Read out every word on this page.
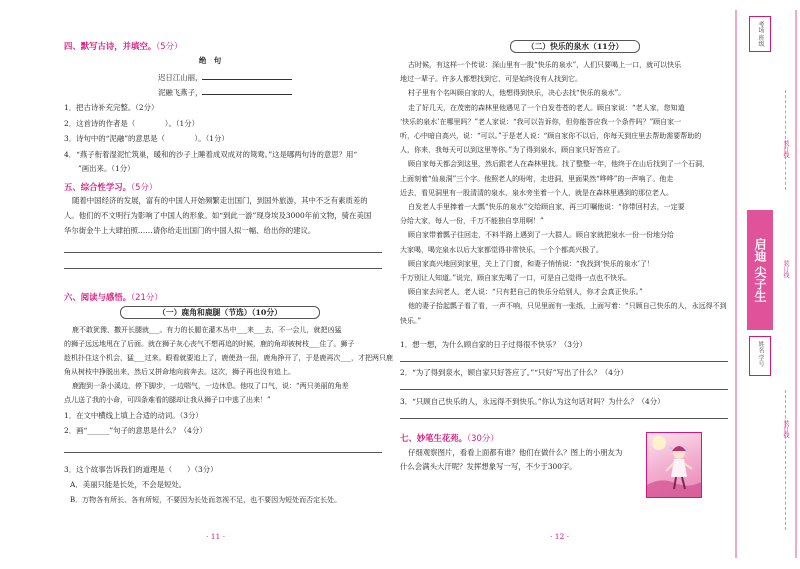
四、默写古诗，并填空。（5分）
绝　句
迟日江山丽，
泥融飞燕子，
1．把古诗补充完整。（2分）
2．这首诗的作者是（　　　　）。（1分）
3．诗句中的“泥融”的意思是（　　　　）。（1分）
4．“燕子衔着湿泥忙筑巢，暖和的沙子上睡着成双成对的鸳鸯。”这是哪两句诗的意思？用“
”画出来。（1分）
五、综合性学习。（5分）
随着中国经济的发展，富有的中国人开始频繁走出国门，到国外旅游，其中不乏有素质差的
人。他们的不文明行为影响了中国人的形象。如“到此一游”现身埃及3000年前文物，骑在美国
华尔街金牛上大肆拍照……请你给走出国门的中国人拟一幅、给出你的建议。
六、阅读与感悟。（21分）
（一）鹿角和鹿腿（节选）（10分）
鹿不敢犹豫，撒开长腿就___。有力的长腿在灌木丛中___来___去，不一会儿，就把凶猛
的狮子远远地甩在了后面。就在狮子灰心丧气不想再追的时候，鹿的角却被树枝___住了。狮子
趁机扑住这个机会，猛___过来。眼看就要追上了，鹿使劲一扭，鹿角挣开了，于是鹿再次___，才把两只鹿
角从树枝中挣脱出来，然后又拼命地向前奔去。这次，狮子再也没有追上。
鹿跑到一条小溪边，停下脚步，一边喘气，一边休息。他叹了口气，说：“两只美丽的角差
点儿送了我的小命，可四条难看的腿却让我从狮子口中逃了出来！”
1．在文中横线上填上合适的动词。（3分）
2．画“______”句子的意思是什么？（4分）
3．这个故事告诉我们的道理是（　　）（3分）
A．美丽只能是长处，不会是短处。
B．万物各有所长、各有所短，不要因为长处而忽视不足，也不要因为短处而否定长处。
· 11 ·
（二）快乐的泉水（11分）
古时候，有这样一个传说：深山里有一股“快乐的泉水”，人们只要喝上一口，就可以快乐
地过一辈子。许多人都想找到它，可是始终没有人找到它。
村子里有个名叫顾自家的人，他想得到快乐，决心去找“快乐的泉水”。
走了好几天，在茂密的森林里他遇见了一个白发苍苍的老人。顾自家说：“老人家，您知道
‘快乐的泉水’在哪里吗？”老人家说：“我可以告诉你，但你能答应我一个条件吗？”顾自家一
听，心中暗自高兴，说：“可以。”于是老人说：“顾自家你不以后，你每天到庄里去帮助需要帮助的
人，你来，我每天可以到这里等你。”为了得到泉水，顾自家只好答应了。
顾自家每天都会到这里，然后跟老人在森林里找。找了整整一年，他终于在山后找到了一个石洞，
上面刻着“仙泉洞”三个字。他照老人的吩咐，走进洞，里面果然“哗哗”的一声响了。他走
近去，看见洞里有一股清清的泉水，泉水旁坐着一个人，就是在森林里遇到的那位老人。
白发老人手里捧着一大瓢“快乐的泉水”交给顾自家，再三叮嘱他说：“你带回村去，一定要
分给大家，每人一份，千万不能独自享用啊！”
顾自家带着瓢子往回走，不料半路上遇到了一大群人。顾自家就把泉水一份一份地分给
大家喝，喝完泉水以后大家都觉得非常快乐，一个个都高兴极了。
顾自家高兴地回到家里，关上了门窗，和妻子悄悄说：“我找到‘快乐的泉水’了！
千万别让人知道。”说完，顾自家先喝了一口，可是自己觉得一点也不快乐。
顾自家去问老人，老人说：“只有把自己的快乐分给别人，你才会真正快乐。”
他的妻子拾起瓢子看了看，一声不响，只见里面有一张纸，上面写着：“只顾自己快乐的人，永远得不到
快乐。”
1．想一想，为什么顾自家的日子过得很不快乐？（3分）
2．“为了得到泉水，顾自家只好答应了。”“只好”写出了什么？（4分）
3．“只顾自己快乐的人，永远得不到快乐。”你认为这句话对吗？为什么？（4分）
七、妙笔生花苑。（30分）
仔细观察图片，看看上面都有谁？他们在做什么？图上的小朋友为
什么会满头大汗呢？发挥想象写一写，不少于300字。
· 12 ·
考场 班级
装订线
启迪 尖子生	装订线
姓名 学号
装订线
